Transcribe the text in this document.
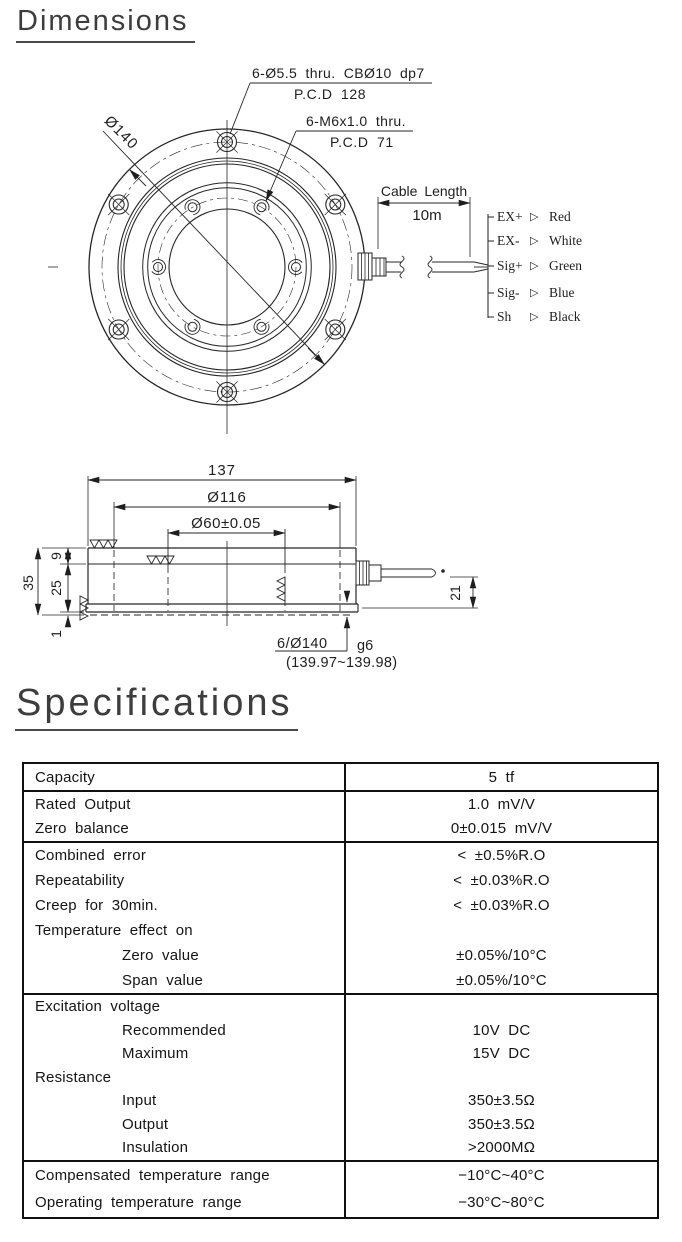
Dimensions
6-Ø5.5 thru. CBØ10 dp7
P.C.D 128
6-M6x1.0 thru.
P.C.D 71
Ø140
Cable Length
10m	EX+ ▷ Red
EX- ▷ White
Sig+ ▷ Green
Sig- ▷ Blue
Sh ▷ Black
137
Ø116
Ø60±0.05
35
9
25
1
21
6/Ø140 g6
(139.97~139.98)
Specifications
Capacity	5 tf
Rated Output	1.0 mV/V
Zero balance	0±0.015 mV/V
Combined error	< ±0.5%R.O
Repeatability	< ±0.03%R.O
Creep for 30min.	< ±0.03%R.O
Temperature effect on
Zero value	±0.05%/10°C
Span value	±0.05%/10°C
Excitation voltage
Recommended	10V DC
Maximum	15V DC
Resistance
Input	350±3.5Ω
Output	350±3.5Ω
Insulation	>2000MΩ
Compensated temperature range	−10°C~40°C
Operating temperature range	−30°C~80°C
